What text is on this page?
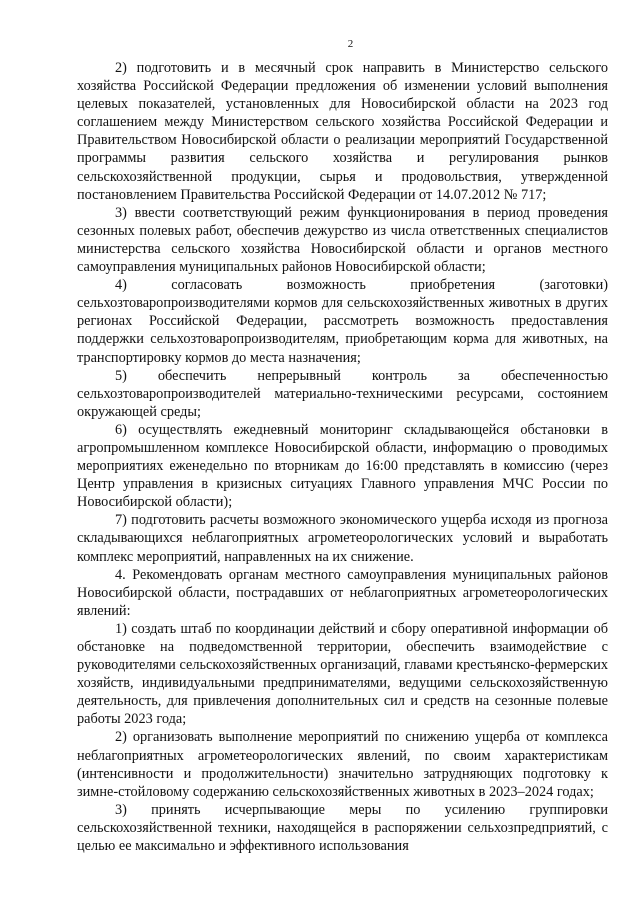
2

2) подготовить и в месячный срок направить в Министерство сельского хозяйства Российской Федерации предложения об изменении условий выполнения целевых показателей, установленных для Новосибирской области на 2023 год соглашением между Министерством сельского хозяйства Российской Федерации и Правительством Новосибирской области о реализации мероприятий Государственной программы развития сельского хозяйства и регулирования рынков сельскохозяйственной продукции, сырья и продовольствия, утвержденной постановлением Правительства Российской Федерации от 14.07.2012 № 717;

3) ввести соответствующий режим функционирования в период проведения сезонных полевых работ, обеспечив дежурство из числа ответственных специалистов министерства сельского хозяйства Новосибирской области и органов местного самоуправления муниципальных районов Новосибирской области;

4) согласовать возможность приобретения (заготовки) сельхозтоваропроизводителями кормов для сельскохозяйственных животных в других регионах Российской Федерации, рассмотреть возможность предоставления поддержки сельхозтоваропроизводителям, приобретающим корма для животных, на транспортировку кормов до места назначения;

5) обеспечить непрерывный контроль за обеспеченностью сельхозтоваропроизводителей материально-техническими ресурсами, состоянием окружающей среды;

6) осуществлять ежедневный мониторинг складывающейся обстановки в агропромышленном комплексе Новосибирской области, информацию о проводимых мероприятиях еженедельно по вторникам до 16:00 представлять в комиссию (через Центр управления в кризисных ситуациях Главного управления МЧС России по Новосибирской области);

7) подготовить расчеты возможного экономического ущерба исходя из прогноза складывающихся неблагоприятных агрометеорологических условий и выработать комплекс мероприятий, направленных на их снижение.

4. Рекомендовать органам местного самоуправления муниципальных районов Новосибирской области, пострадавших от неблагоприятных агрометеорологических явлений:

1) создать штаб по координации действий и сбору оперативной информации об обстановке на подведомственной территории, обеспечить взаимодействие с руководителями сельскохозяйственных организаций, главами крестьянско-фермерских хозяйств, индивидуальными предпринимателями, ведущими сельскохозяйственную деятельность, для привлечения дополнительных сил и средств на сезонные полевые работы 2023 года;

2) организовать выполнение мероприятий по снижению ущерба от комплекса неблагоприятных агрометеорологических явлений, по своим характеристикам (интенсивности и продолжительности) значительно затрудняющих подготовку к зимне-стойловому содержанию сельскохозяйственных животных в 2023–2024 годах;

3) принять исчерпывающие меры по усилению группировки сельскохозяйственной техники, находящейся в распоряжении сельхозпредприятий, с целью ее максимально и эффективного использования
